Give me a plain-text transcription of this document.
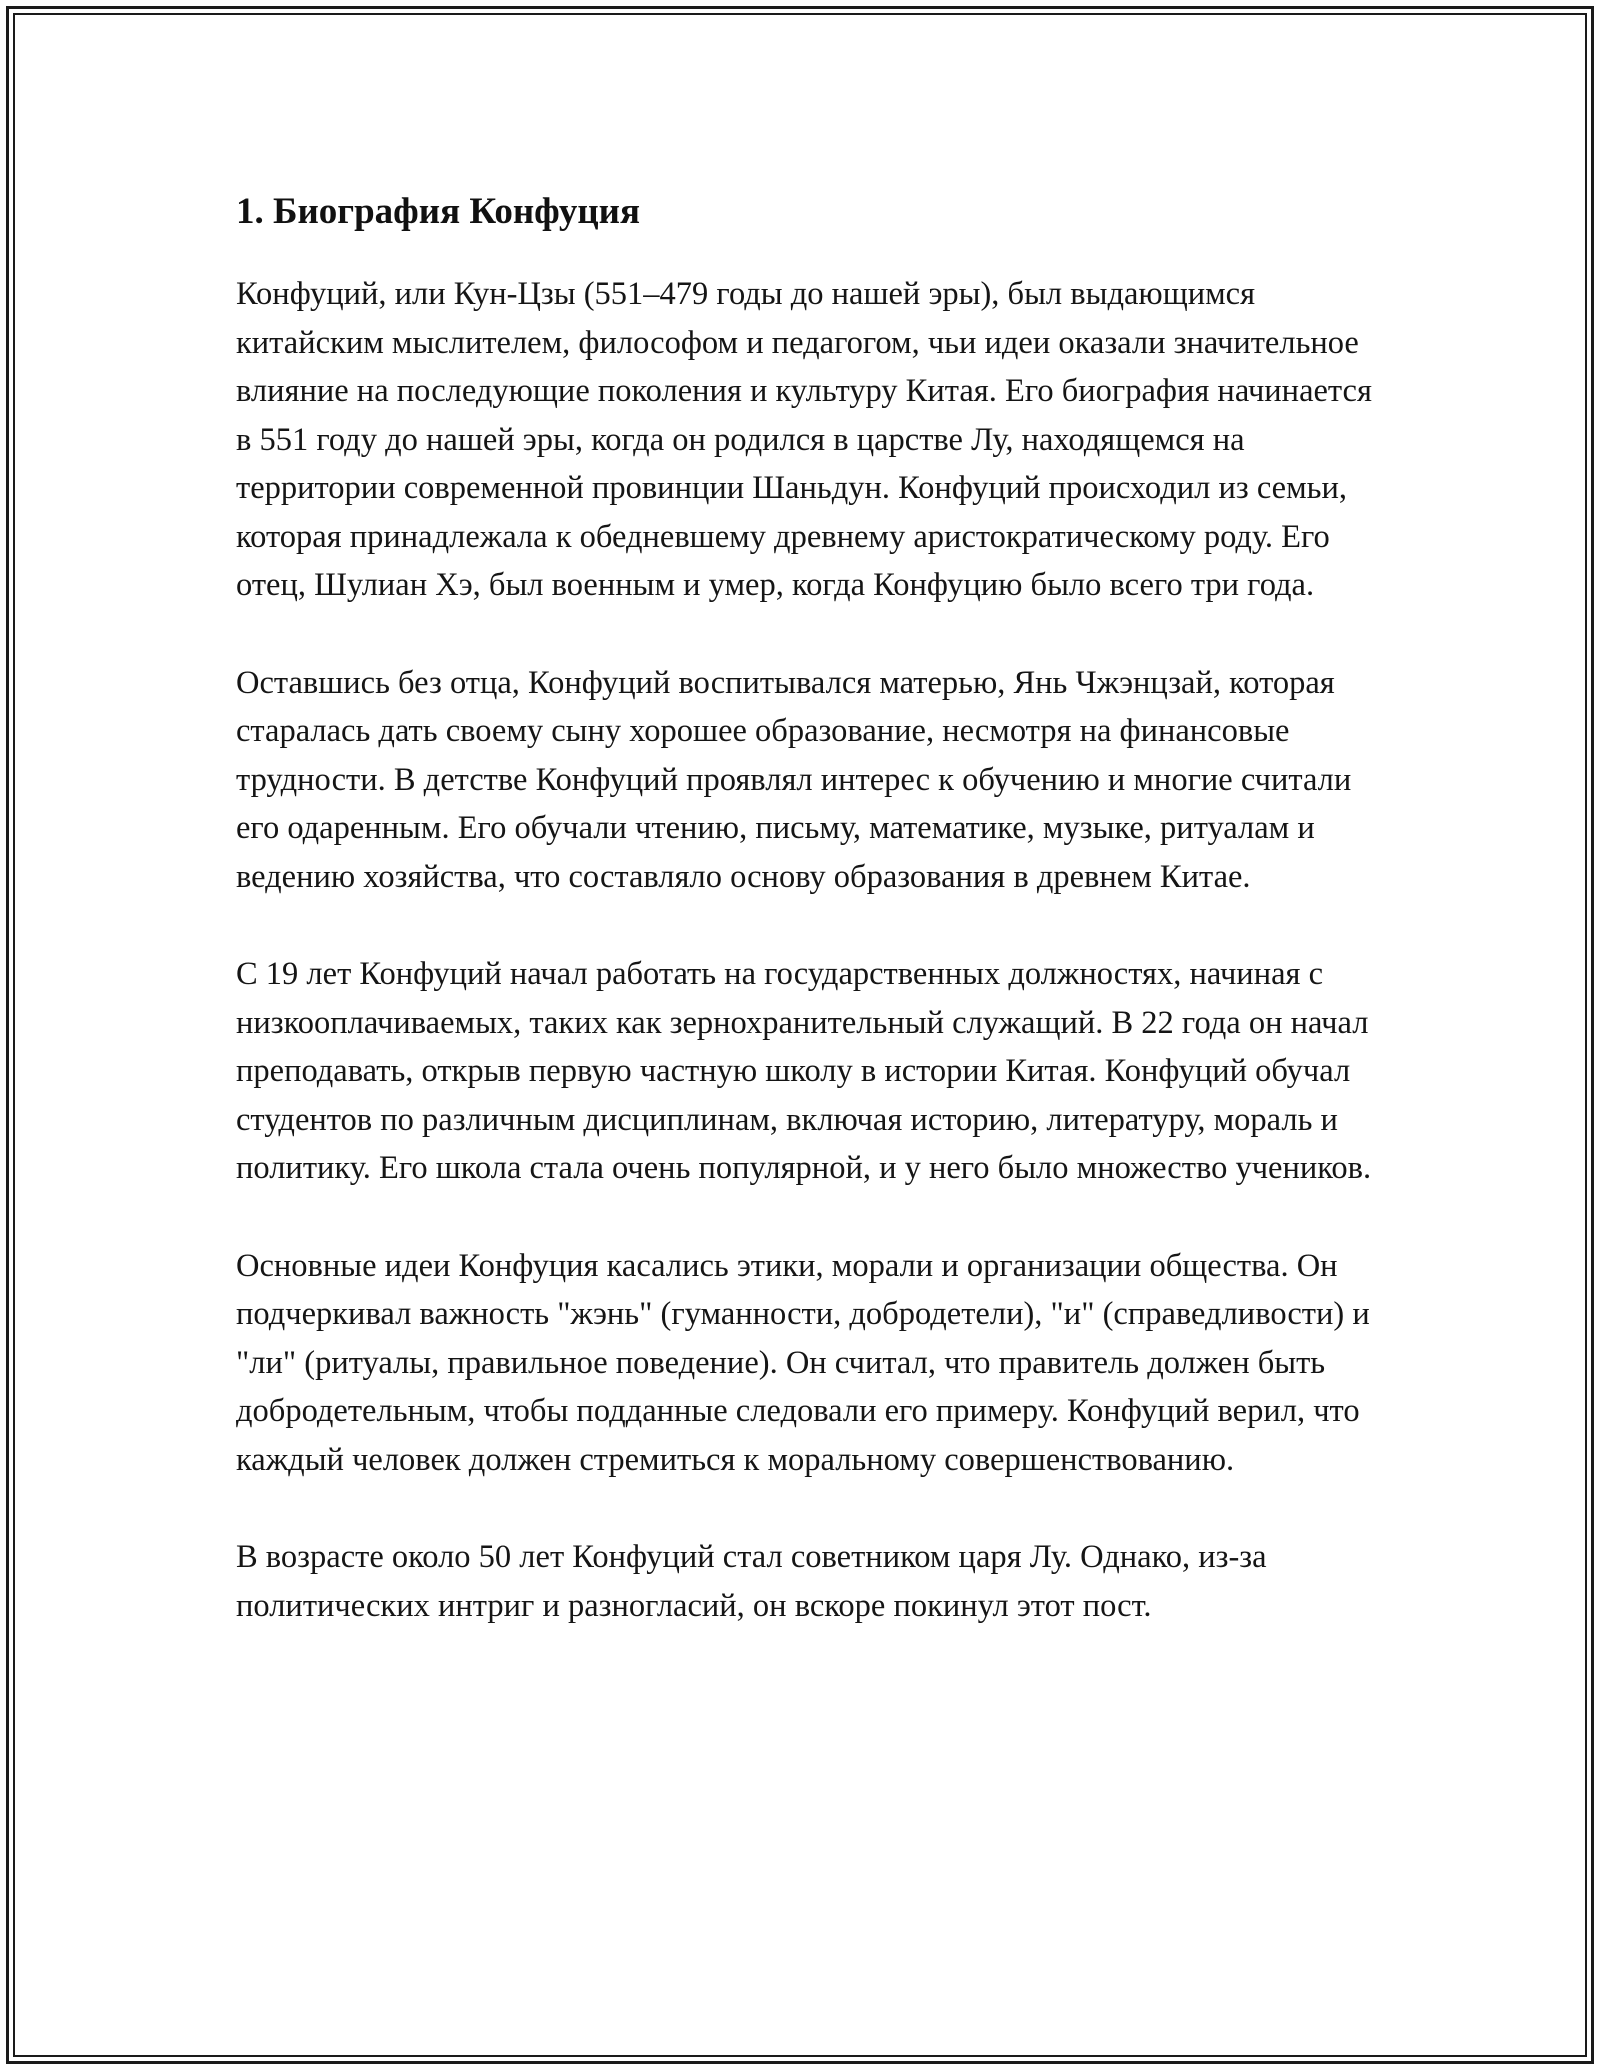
1. Биография Конфуция

Конфуций, или Кун-Цзы (551–479 годы до нашей эры), был выдающимся китайским мыслителем, философом и педагогом, чьи идеи оказали значительное влияние на последующие поколения и культуру Китая. Его биография начинается в 551 году до нашей эры, когда он родился в царстве Лу, находящемся на территории современной провинции Шаньдун. Конфуций происходил из семьи, которая принадлежала к обедневшему древнему аристократическому роду. Его отец, Шулиан Хэ, был военным и умер, когда Конфуцию было всего три года.

Оставшись без отца, Конфуций воспитывался матерью, Янь Чжэнцзай, которая старалась дать своему сыну хорошее образование, несмотря на финансовые трудности. В детстве Конфуций проявлял интерес к обучению и многие считали его одаренным. Его обучали чтению, письму, математике, музыке, ритуалам и ведению хозяйства, что составляло основу образования в древнем Китае.

С 19 лет Конфуций начал работать на государственных должностях, начиная с низкооплачиваемых, таких как зернохранительный служащий. В 22 года он начал преподавать, открыв первую частную школу в истории Китая. Конфуций обучал студентов по различным дисциплинам, включая историю, литературу, мораль и политику. Его школа стала очень популярной, и у него было множество учеников.

Основные идеи Конфуция касались этики, морали и организации общества. Он подчеркивал важность "жэнь" (гуманности, добродетели), "и" (справедливости) и "ли" (ритуалы, правильное поведение). Он считал, что правитель должен быть добродетельным, чтобы подданные следовали его примеру. Конфуций верил, что каждый человек должен стремиться к моральному совершенствованию.

В возрасте около 50 лет Конфуций стал советником царя Лу. Однако, из-за политических интриг и разногласий, он вскоре покинул этот пост.
